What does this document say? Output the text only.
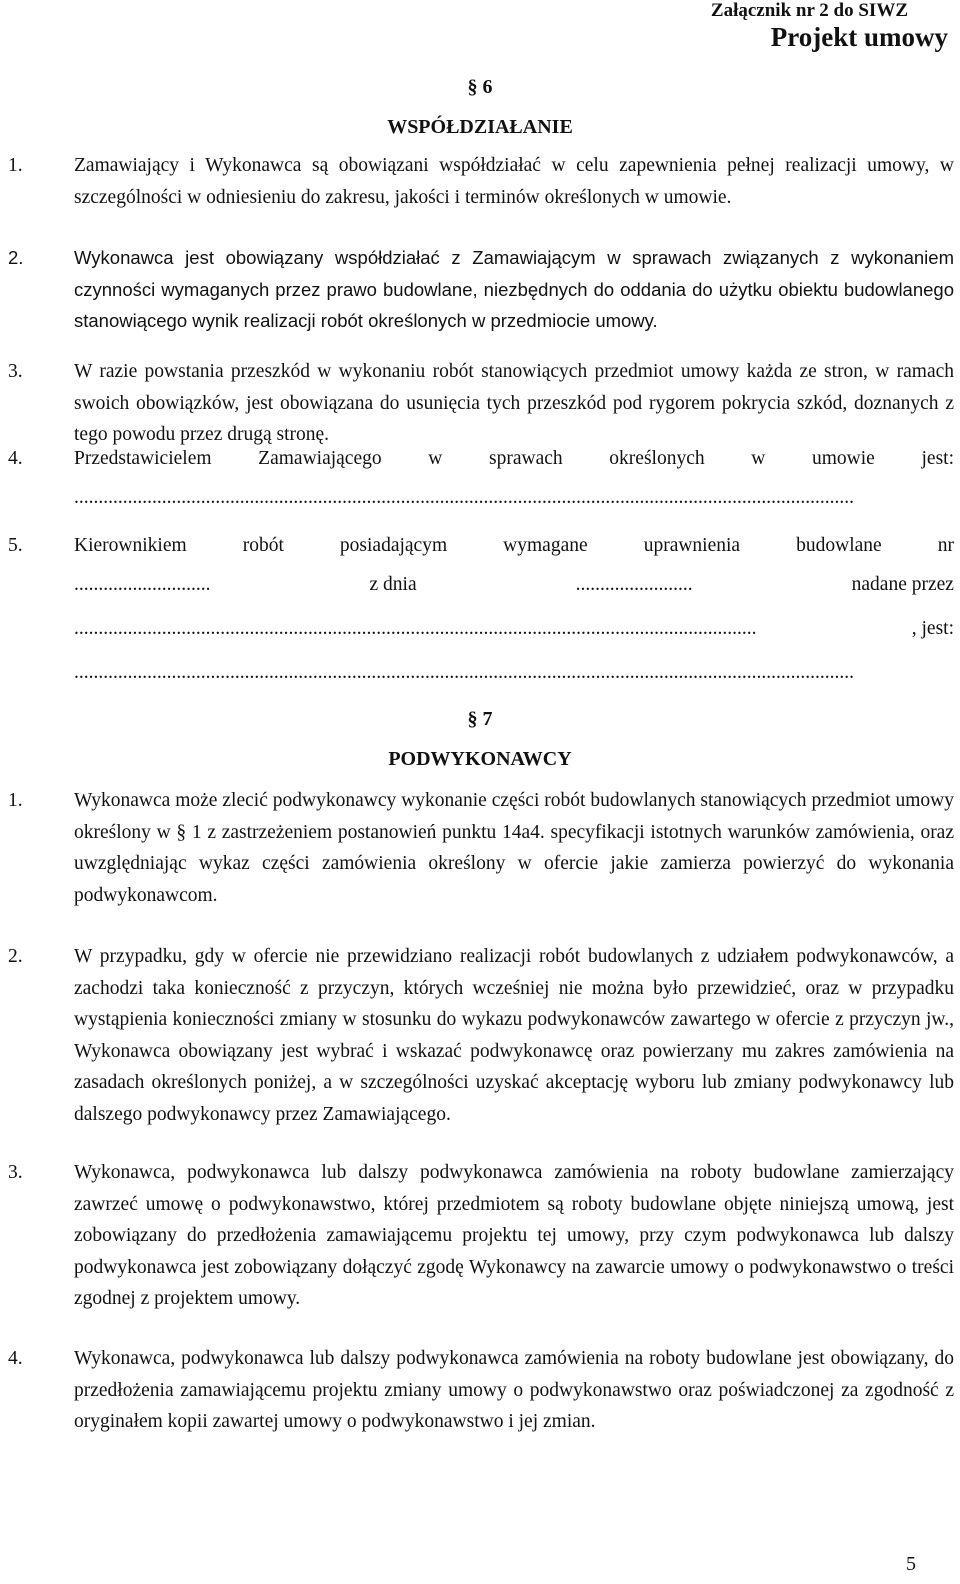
Załącznik nr 2 do SIWZ
Projekt umowy
§ 6
WSPÓŁDZIAŁANIE
1.	Zamawiający i Wykonawca są obowiązani współdziałać w celu zapewnienia pełnej realizacji umowy, w szczególności w odniesieniu do zakresu, jakości i terminów określonych w umowie.
2.	Wykonawca jest obowiązany współdziałać z Zamawiającym w sprawach związanych z wykonaniem czynności wymaganych przez prawo budowlane, niezbędnych do oddania do użytku obiektu budowlanego stanowiącego wynik realizacji robót określonych w przedmiocie umowy.
3.	W razie powstania przeszkód w wykonaniu robót stanowiących przedmiot umowy każda ze stron, w ramach swoich obowiązków, jest obowiązana do usunięcia tych przeszkód pod rygorem pokrycia szkód, doznanych z tego powodu przez drugą stronę.
4.	Przedstawicielem Zamawiającego w sprawach określonych w umowie jest:
................................................................................................................................................................
5.	Kierownikiem robót posiadającym wymagane uprawnienia budowlane nr
............................	z dnia	........................	nadane przez
............................................................................................................................................	, jest:
................................................................................................................................................................
§ 7
PODWYKONAWCY
1.	Wykonawca może zlecić podwykonawcy wykonanie części robót budowlanych stanowiących przedmiot umowy określony w § 1 z zastrzeżeniem postanowień punktu 14a4. specyfikacji istotnych warunków zamówienia, oraz uwzględniając wykaz części zamówienia określony w ofercie jakie zamierza powierzyć do wykonania podwykonawcom.
2.	W przypadku, gdy w ofercie nie przewidziano realizacji robót budowlanych z udziałem podwykonawców, a zachodzi taka konieczność z przyczyn, których wcześniej nie można było przewidzieć, oraz w przypadku wystąpienia konieczności zmiany w stosunku do wykazu podwykonawców zawartego w ofercie z przyczyn jw., Wykonawca obowiązany jest wybrać i wskazać podwykonawcę oraz powierzany mu zakres zamówienia na zasadach określonych poniżej, a w szczególności uzyskać akceptację wyboru lub zmiany podwykonawcy lub dalszego podwykonawcy przez Zamawiającego.
3.	Wykonawca, podwykonawca lub dalszy podwykonawca zamówienia na roboty budowlane zamierzający zawrzeć umowę o podwykonawstwo, której przedmiotem są roboty budowlane objęte niniejszą umową, jest zobowiązany do przedłożenia zamawiającemu projektu tej umowy, przy czym podwykonawca lub dalszy podwykonawca jest zobowiązany dołączyć zgodę Wykonawcy na zawarcie umowy o podwykonawstwo o treści zgodnej z projektem umowy.
4.	Wykonawca, podwykonawca lub dalszy podwykonawca zamówienia na roboty budowlane jest obowiązany, do przedłożenia zamawiającemu projektu zmiany umowy o podwykonawstwo oraz poświadczonej za zgodność z oryginałem kopii zawartej umowy o podwykonawstwo i jej zmian.
5
